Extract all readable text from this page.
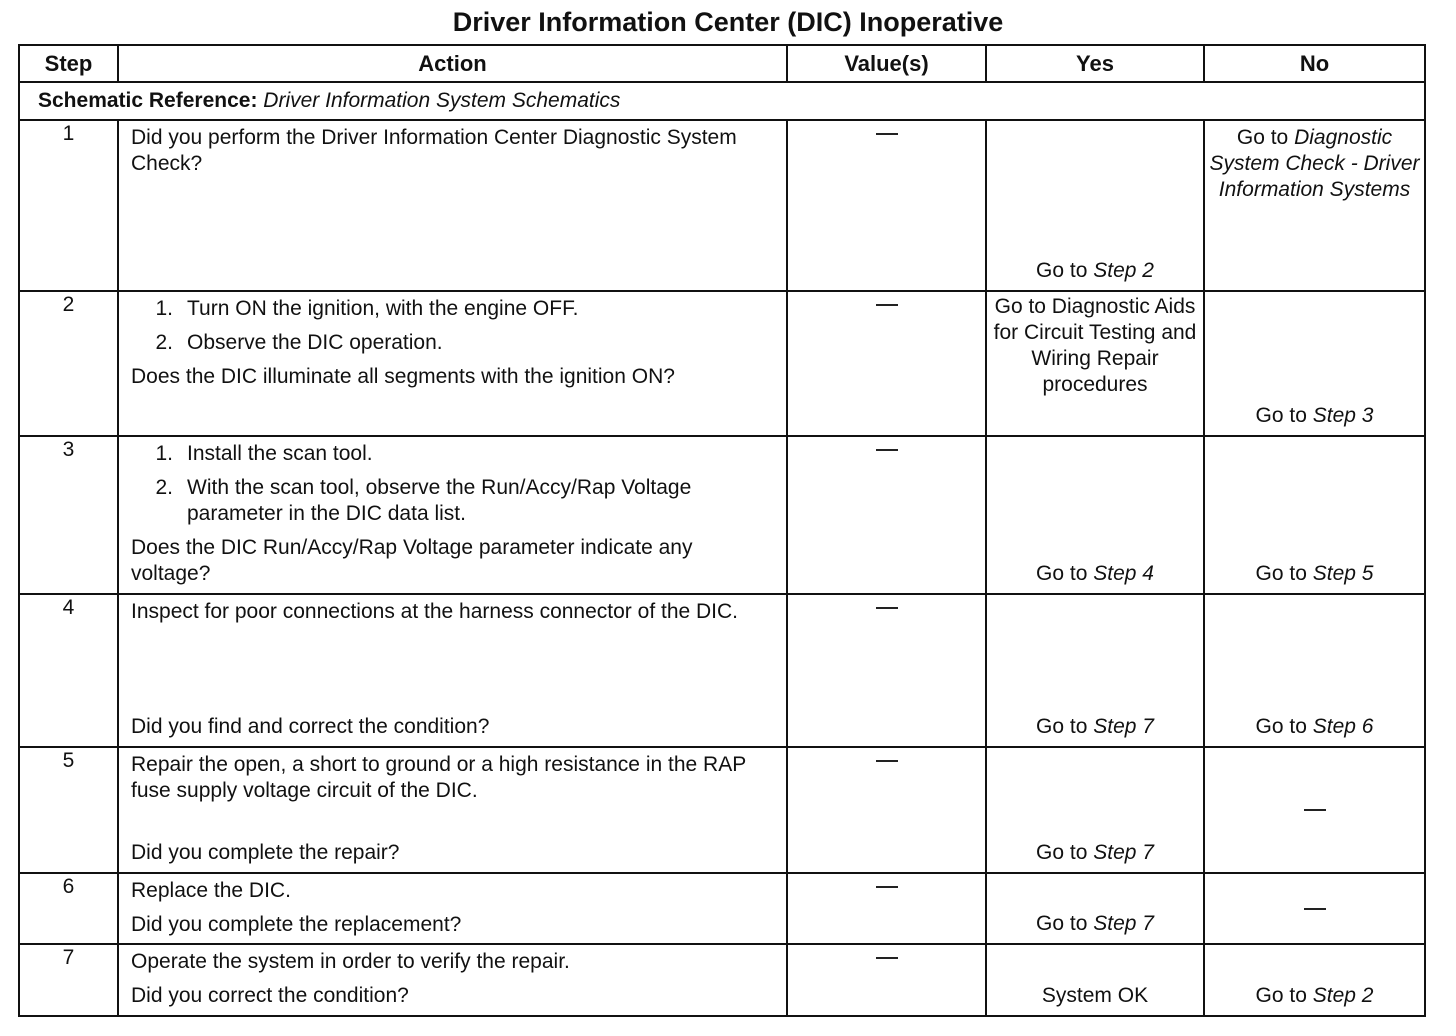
Driver Information Center (DIC) Inoperative
Step	Action	Value(s)	Yes	No
Schematic Reference: Driver Information System Schematics				
1	Did you perform the Driver Information Center Diagnostic System Check?		Go to Step 2	Go to Diagnostic System Check - Driver Information Systems

2	1. Turn ON the ignition, with the engine OFF.
2. Observe the DIC operation.

Does the DIC illuminate all segments with the ignition ON?		Go to Diagnostic Aids for Circuit Testing and Wiring Repair procedures	Go to Step 3

3	1. Install the scan tool.
2. With the scan tool, observe the Run/Accy/Rap Voltage parameter in the DIC data list.

Does the DIC Run/Accy/Rap Voltage parameter indicate any voltage?		Go to Step 4	Go to Step 5

4	Inspect for poor connections at the harness connector of the DIC.

Did you find and correct the condition?		Go to Step 7	Go to Step 6

5	Repair the open, a short to ground or a high resistance in the RAP fuse supply voltage circuit of the DIC.

Did you complete the repair?		Go to Step 7	

6	Replace the DIC.

Did you complete the replacement?		Go to Step 7	

7	Operate the system in order to verify the repair.

Did you correct the condition?		System OK	Go to Step 2
